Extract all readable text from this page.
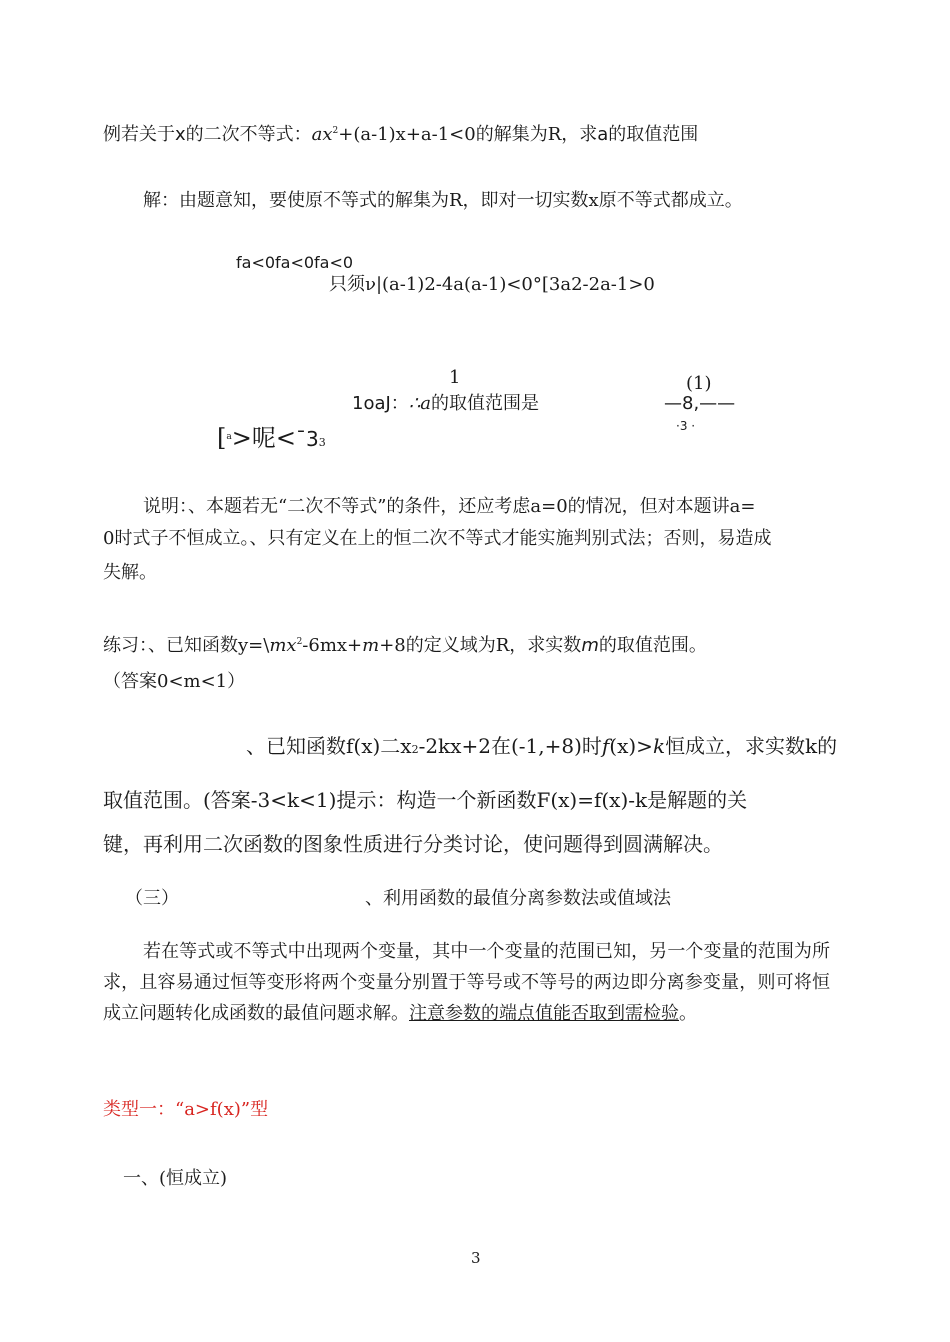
例若关于x的二次不等式：$ax^2+(a-1)x+a-1<0$的解集为R，求a的取值范围
解：由题意知，要使原不等式的解集为R，即对一切实数x原不等式都成立。
fa<0fa<0fa<0
只须ν|(a-1)2-4a(a-1)<0°[3a2-2a-1>0
1
1oaJ：∴a的取值范围是
(1)
—8,——
·3 ·
[$^a$>呢<¯33
说明：、本题若无“二次不等式”的条件，还应考虑a=0的情况，但对本题讲a=
0时式子不恒成立。、只有定义在上的恒二次不等式才能实施判别式法；否则，易造成
失解。
练习：、已知函数$y=\backslash mx^2-6mx+m+8$的定义域为R，求实数m的取值范围。
（答案0<m<1）
、已知函数f(x)二x2-2kx+2在(-1,+8)时f(x)>k恒成立，求实数k的
取值范围。(答案-3<k<1)提示：构造一个新函数F(x)=f(x)-k是解题的关
键，再利用二次函数的图象性质进行分类讨论，使问题得到圆满解决。
（三）	、利用函数的最值分离参数法或值域法
若在等式或不等式中出现两个变量，其中一个变量的范围已知，另一个变量的范围为所求，且容易通过恒等变形将两个变量分别置于等号或不等号的两边即分离参变量，则可将恒成立问题转化成函数的最值问题求解。注意参数的端点值能否取到需检验。
类型一：“a>f(x)”型
一、(恒成立)
3
